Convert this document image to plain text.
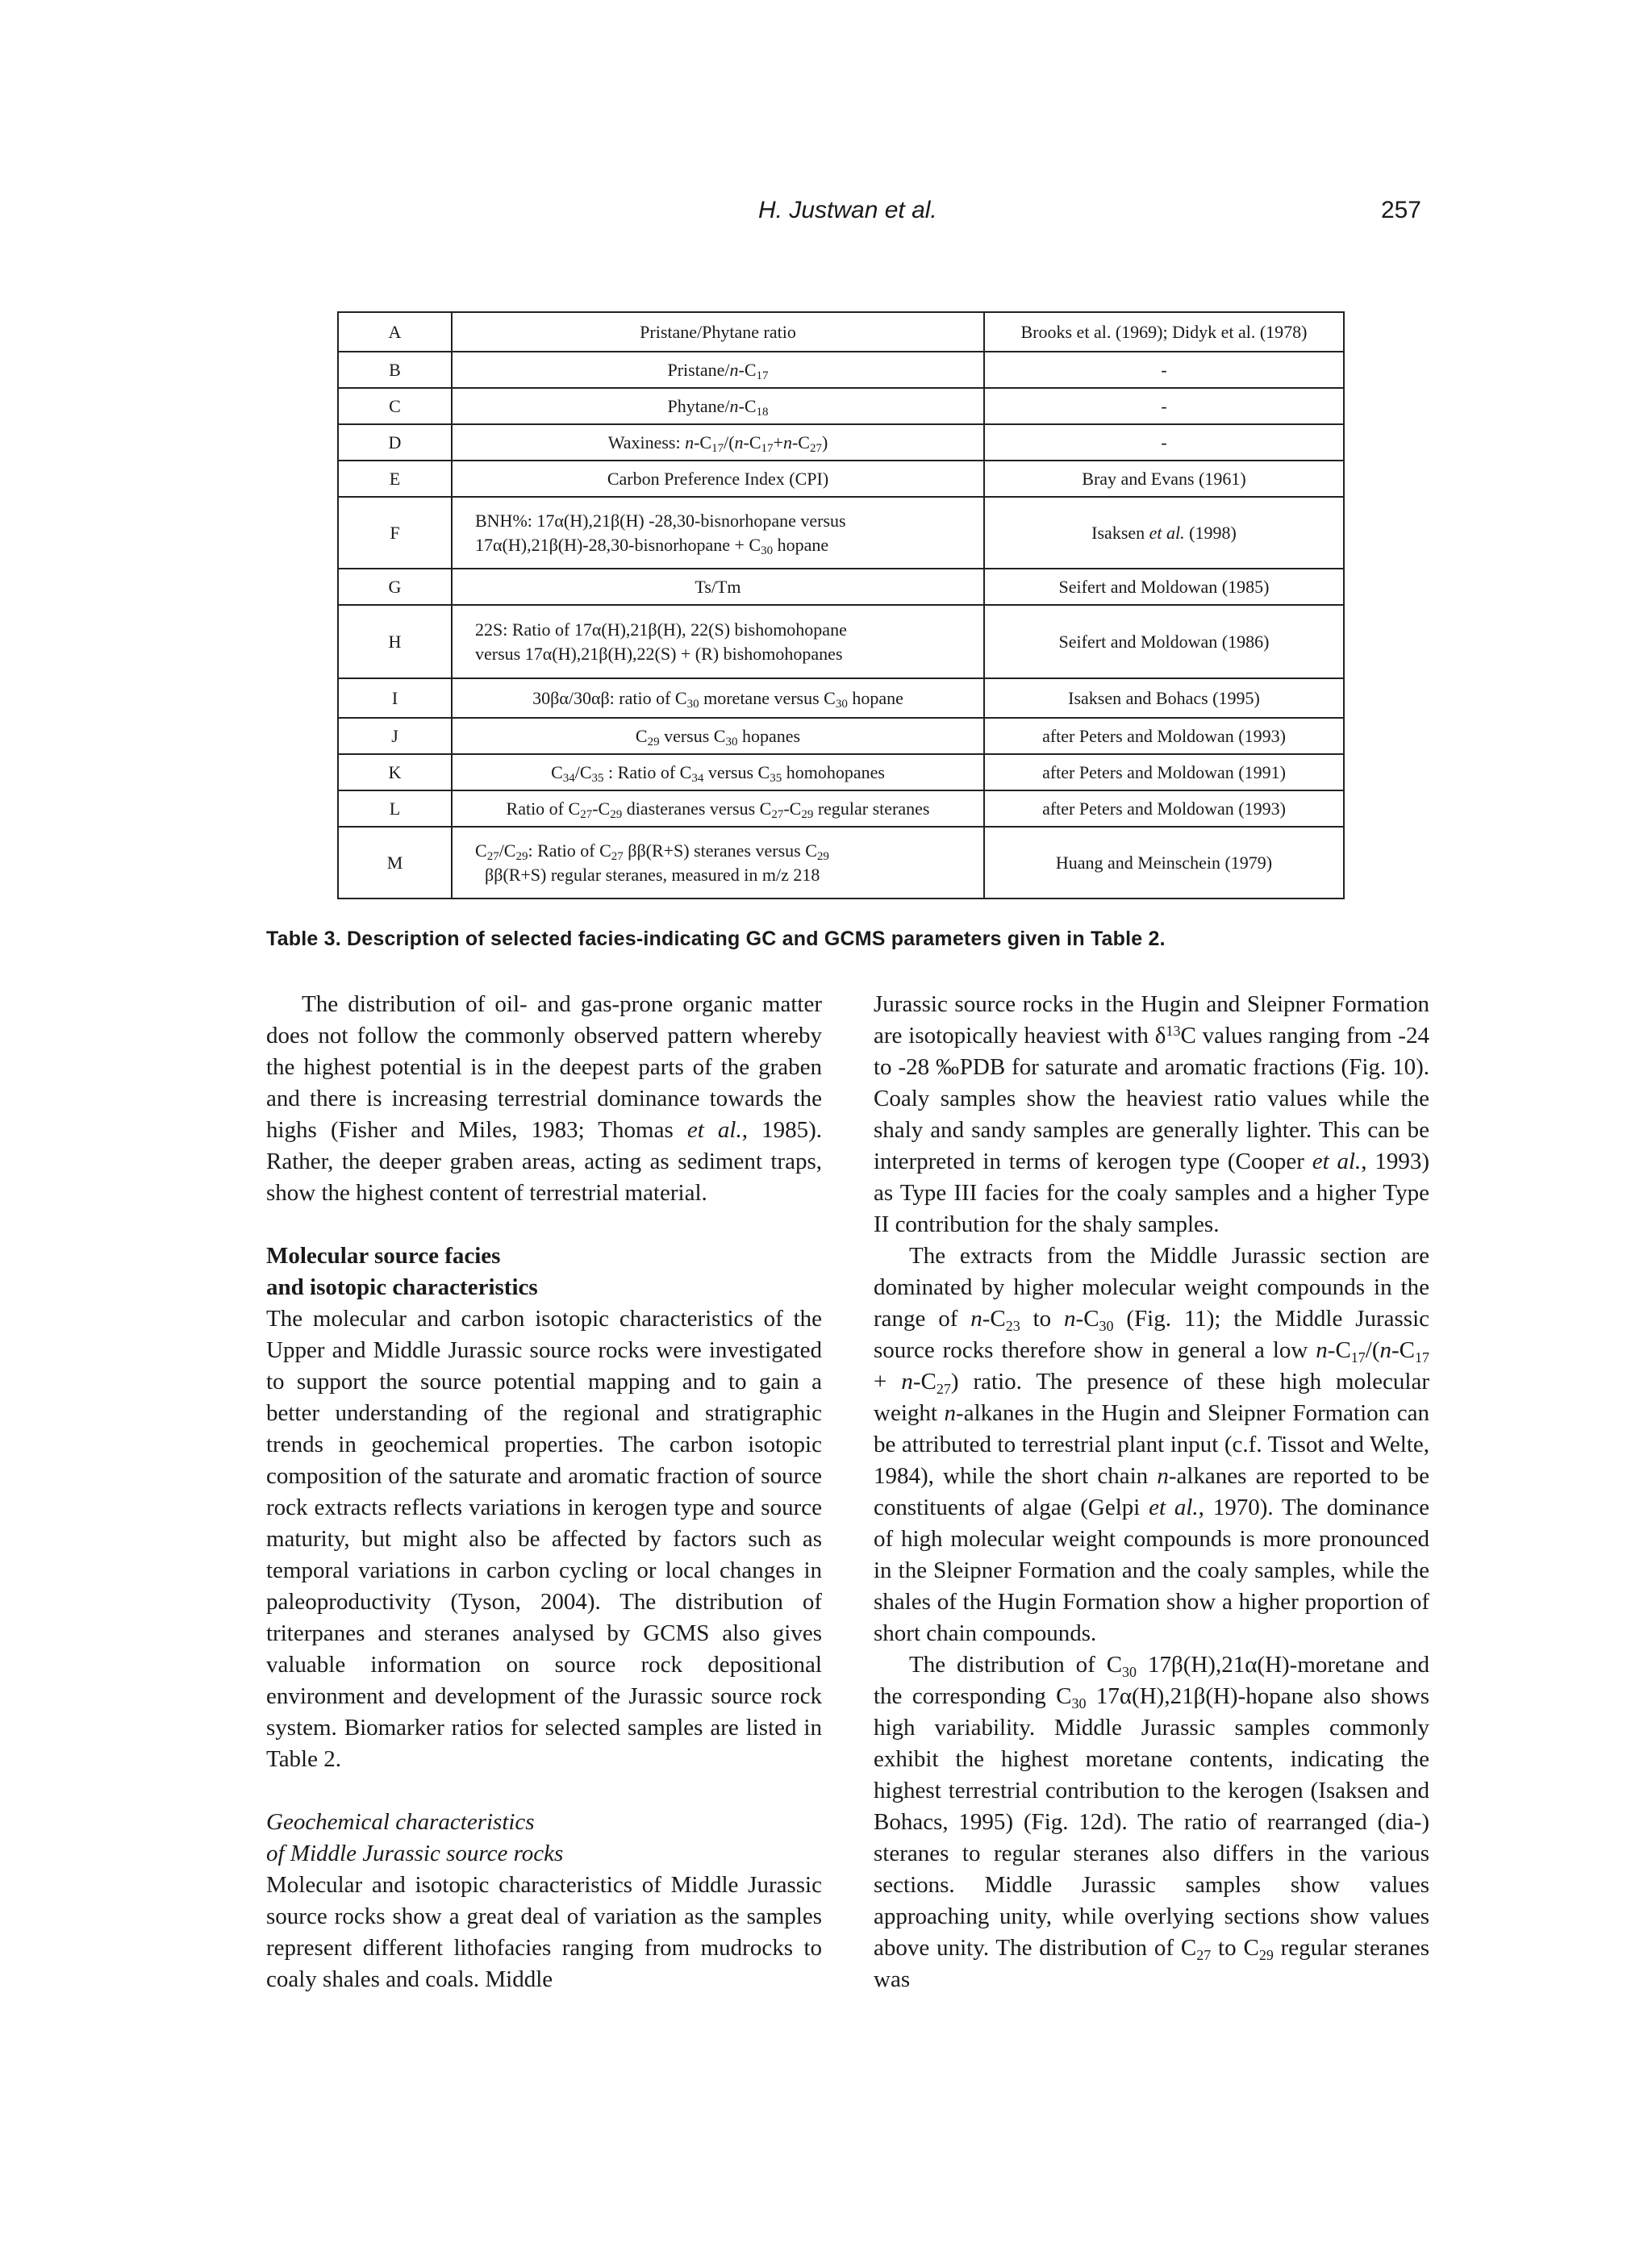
H. Justwan et al.	257
A	Pristane/Phytane ratio	Brooks et al. (1969); Didyk et al. (1978)
B	Pristane/$n-C_{17}$	-
C	Phytane/$n-C_{18}$	-
D	Waxiness: $n-C_{17}/(n-C_{17}+n-C_{27})$	-
E	Carbon Preference Index (CPI)	Bray and Evans (1961)
F	BNH%: 17α(H),21β(H) -28,30-bisnorhopane versus
17α(H),21β(H)-28,30-bisnorhopane + $C_{30}$ hopane	Isaksen et al. (1998)
G	Ts/Tm	Seifert and Moldowan (1985)
H	22S: Ratio of 17α(H),21β(H), 22(S) bishomohopane
versus 17α(H),21β(H),22(S) + (R) bishomohopanes	Seifert and Moldowan (1986)
I	30βα/30αβ: ratio of $C_{30}$ moretane versus $C_{30}$ hopane	Isaksen and Bohacs (1995)
J	$C_{29}$ versus $C_{30}$ hopanes	after Peters and Moldowan (1993)
K	$C_{34}/C_{35}$ : Ratio of $C_{34}$ versus $C_{35}$ homohopanes	after Peters and Moldowan (1991)
L	Ratio of $C_{27}-C_{29}$ diasteranes versus $C_{27}-C_{29}$ regular steranes	after Peters and Moldowan (1993)
M	$C_{27}/C_{29}$: Ratio of $C_{27}$ ββ(R+S) steranes versus $C_{29}$
ββ(R+S) regular steranes, measured in m/z 218	Huang and Meinschein (1979)
Table 3. Description of selected facies-indicating GC and GCMS parameters given in Table 2.

The distribution of oil- and gas-prone organic matter does not follow the commonly observed pattern whereby the highest potential is in the deepest parts of the graben and there is increasing terrestrial dominance towards the highs (Fisher and Miles, 1983; Thomas et al., 1985). Rather, the deeper graben areas, acting as sediment traps, show the highest content of terrestrial material.

Molecular source facies
and isotopic characteristics

The molecular and carbon isotopic characteristics of the Upper and Middle Jurassic source rocks were investigated to support the source potential mapping and to gain a better understanding of the regional and stratigraphic trends in geochemical properties. The carbon isotopic composition of the saturate and aromatic fraction of source rock extracts reflects variations in kerogen type and source maturity, but might also be affected by factors such as temporal variations in carbon cycling or local changes in paleoproductivity (Tyson, 2004). The distribution of triterpanes and steranes analysed by GCMS also gives valuable information on source rock depositional environment and development of the Jurassic source rock system. Biomarker ratios for selected samples are listed in Table 2.

Geochemical characteristics
of Middle Jurassic source rocks

Molecular and isotopic characteristics of Middle Jurassic source rocks show a great deal of variation as the samples represent different lithofacies ranging from mudrocks to coaly shales and coals. Middle

Jurassic source rocks in the Hugin and Sleipner Formation are isotopically heaviest with $\delta^{13}C$ values ranging from -24 to -28 ‰PDB for saturate and aromatic fractions (Fig. 10). Coaly samples show the heaviest ratio values while the shaly and sandy samples are generally lighter. This can be interpreted in terms of kerogen type (Cooper et al., 1993) as Type III facies for the coaly samples and a higher Type II contribution for the shaly samples.

The extracts from the Middle Jurassic section are dominated by higher molecular weight compounds in the range of $n-C_{23}$ to $n-C_{30}$ (Fig. 11); the Middle Jurassic source rocks therefore show in general a low $n-C_{17}/(n-C_{17} + n-C_{27})$ ratio. The presence of these high molecular weight n-alkanes in the Hugin and Sleipner Formation can be attributed to terrestrial plant input (c.f. Tissot and Welte, 1984), while the short chain n-alkanes are reported to be constituents of algae (Gelpi et al., 1970). The dominance of high molecular weight compounds is more pronounced in the Sleipner Formation and the coaly samples, while the shales of the Hugin Formation show a higher proportion of short chain compounds.

The distribution of $C_{30}$ 17β(H),21α(H)-moretane and the corresponding $C_{30}$ 17α(H),21β(H)-hopane also shows high variability. Middle Jurassic samples commonly exhibit the highest moretane contents, indicating the highest terrestrial contribution to the kerogen (Isaksen and Bohacs, 1995) (Fig. 12d). The ratio of rearranged (dia-) steranes to regular steranes also differs in the various sections. Middle Jurassic samples show values approaching unity, while overlying sections show values above unity. The distribution of $C_{27}$ to $C_{29}$ regular steranes was
